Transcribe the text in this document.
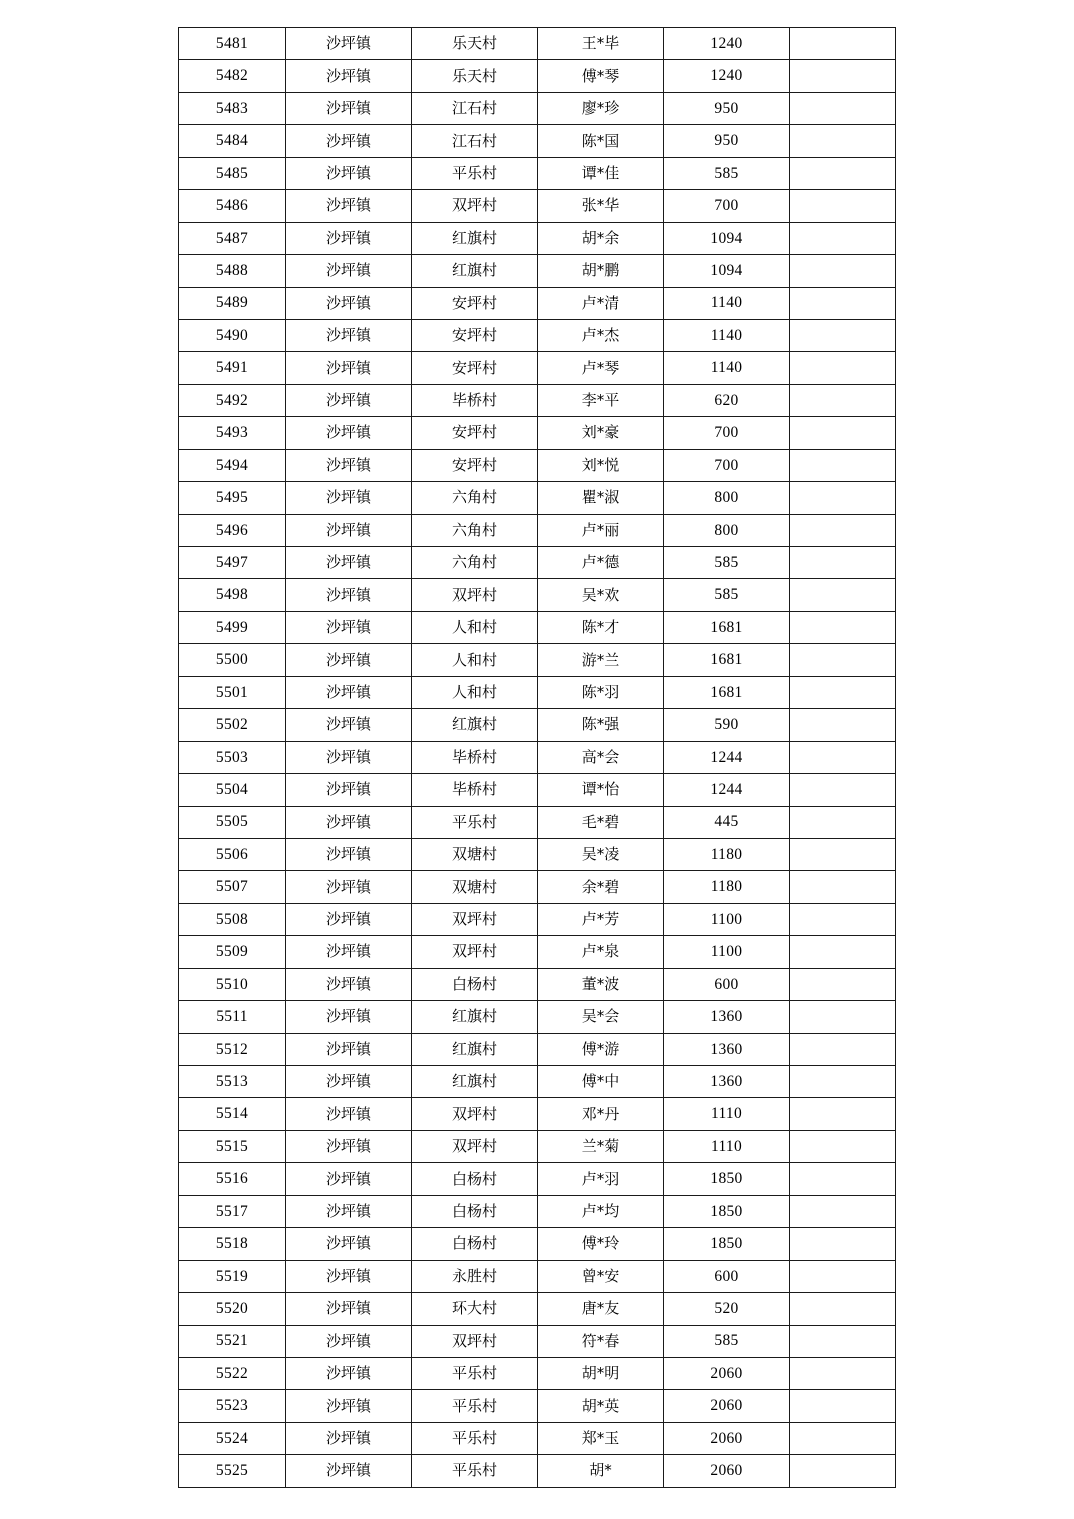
5481	沙坪镇	乐天村	王*毕	1240	
5482	沙坪镇	乐天村	傅*琴	1240	
5483	沙坪镇	江石村	廖*珍	950	
5484	沙坪镇	江石村	陈*国	950	
5485	沙坪镇	平乐村	谭*佳	585	
5486	沙坪镇	双坪村	张*华	700	
5487	沙坪镇	红旗村	胡*余	1094	
5488	沙坪镇	红旗村	胡*鹏	1094	
5489	沙坪镇	安坪村	卢*清	1140	
5490	沙坪镇	安坪村	卢*杰	1140	
5491	沙坪镇	安坪村	卢*琴	1140	
5492	沙坪镇	毕桥村	李*平	620	
5493	沙坪镇	安坪村	刘*豪	700	
5494	沙坪镇	安坪村	刘*悦	700	
5495	沙坪镇	六角村	瞿*淑	800	
5496	沙坪镇	六角村	卢*丽	800	
5497	沙坪镇	六角村	卢*德	585	
5498	沙坪镇	双坪村	吴*欢	585	
5499	沙坪镇	人和村	陈*才	1681	
5500	沙坪镇	人和村	游*兰	1681	
5501	沙坪镇	人和村	陈*羽	1681	
5502	沙坪镇	红旗村	陈*强	590	
5503	沙坪镇	毕桥村	高*会	1244	
5504	沙坪镇	毕桥村	谭*怡	1244	
5505	沙坪镇	平乐村	毛*碧	445	
5506	沙坪镇	双塘村	吴*凌	1180	
5507	沙坪镇	双塘村	余*碧	1180	
5508	沙坪镇	双坪村	卢*芳	1100	
5509	沙坪镇	双坪村	卢*泉	1100	
5510	沙坪镇	白杨村	董*波	600	
5511	沙坪镇	红旗村	吴*会	1360	
5512	沙坪镇	红旗村	傅*游	1360	
5513	沙坪镇	红旗村	傅*中	1360	
5514	沙坪镇	双坪村	邓*丹	1110	
5515	沙坪镇	双坪村	兰*菊	1110	
5516	沙坪镇	白杨村	卢*羽	1850	
5517	沙坪镇	白杨村	卢*均	1850	
5518	沙坪镇	白杨村	傅*玲	1850	
5519	沙坪镇	永胜村	曾*安	600	
5520	沙坪镇	环大村	唐*友	520	
5521	沙坪镇	双坪村	符*春	585	
5522	沙坪镇	平乐村	胡*明	2060	
5523	沙坪镇	平乐村	胡*英	2060	
5524	沙坪镇	平乐村	郑*玉	2060	
5525	沙坪镇	平乐村	胡*	2060	
